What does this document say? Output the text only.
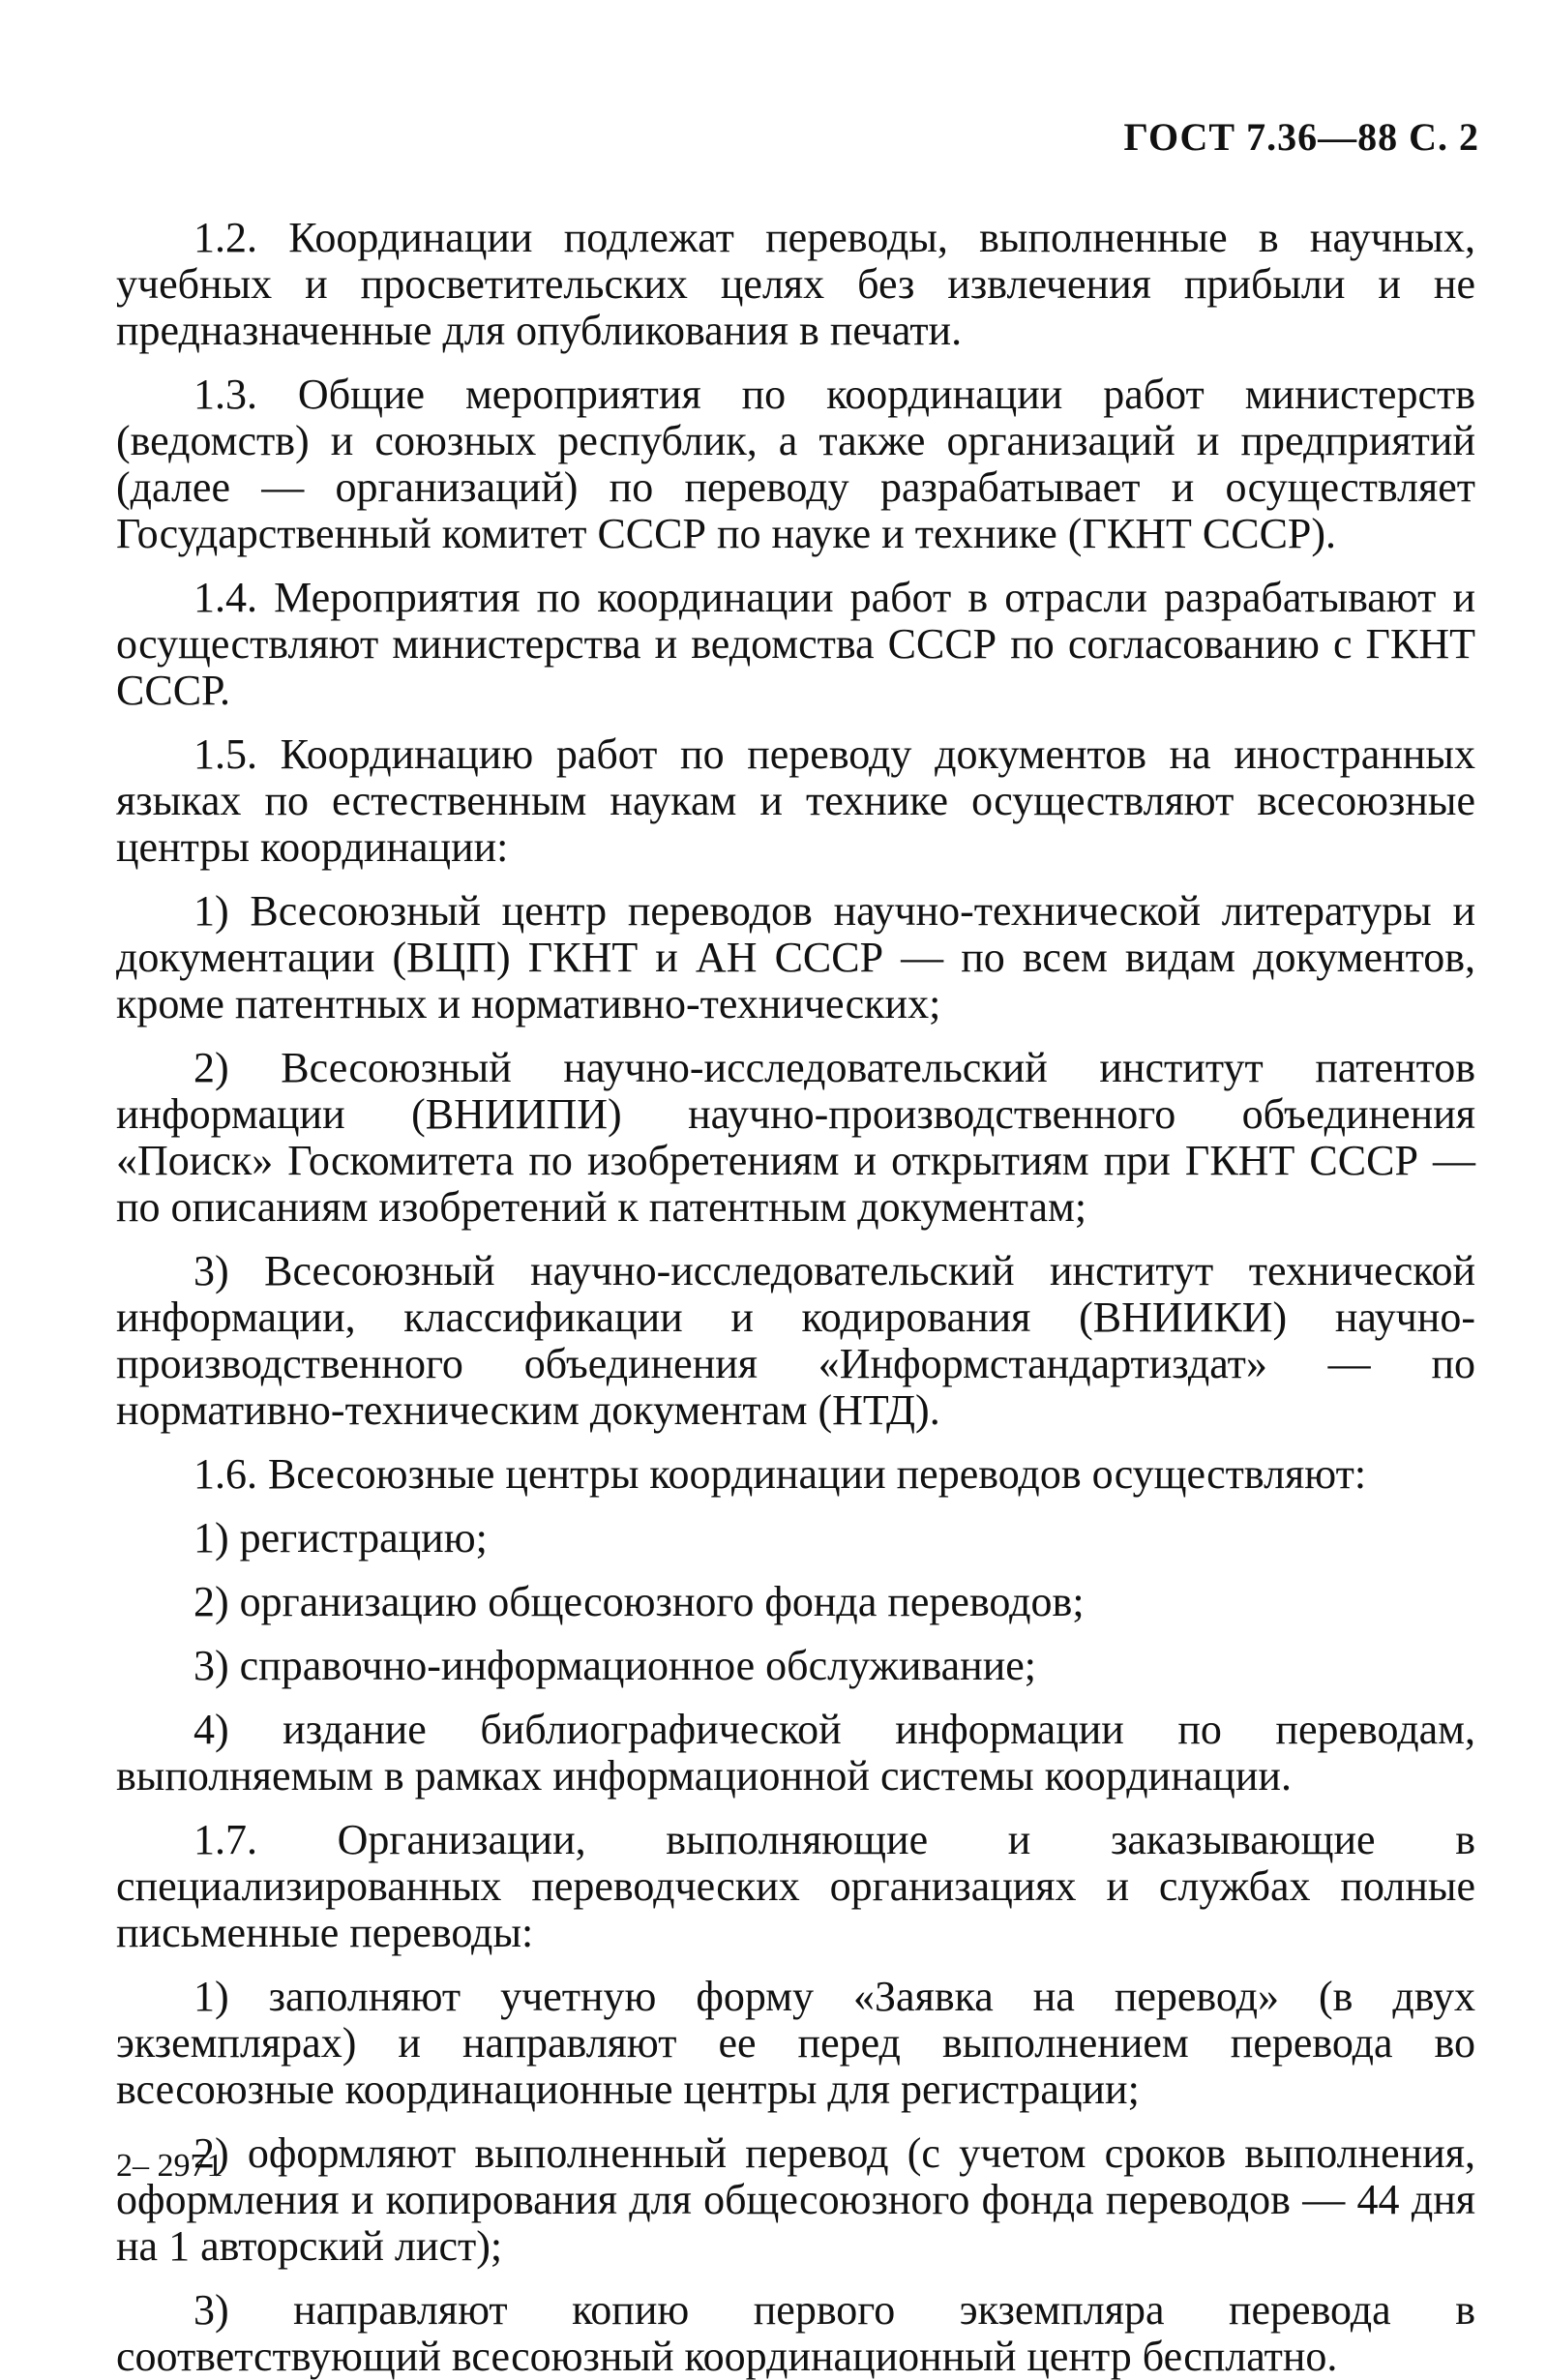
ГОСТ 7.36—88 С. 2

1.2. Координации подлежат переводы, выполненные в научных, учебных и просветительских целях без извлечения прибыли и не предназначенные для опубликования в печати.

1.3. Общие мероприятия по координации работ министерств (ведомств) и союзных республик, а также организаций и предприятий (далее — организаций) по переводу разрабатывает и осуществляет Государственный комитет СССР по науке и технике (ГКНТ СССР).

1.4. Мероприятия по координации работ в отрасли разрабатывают и осуществляют министерства и ведомства СССР по согласованию с ГКНТ СССР.

1.5. Координацию работ по переводу документов на иностранных языках по естественным наукам и технике осуществляют всесоюзные центры координации:

1) Всесоюзный центр переводов научно-технической литературы и документации (ВЦП) ГКНТ и АН СССР — по всем видам документов, кроме патентных и нормативно-технических;

2) Всесоюзный научно-исследовательский институт патентов информации (ВНИИПИ) научно-производственного объединения «Поиск» Госкомитета по изобретениям и открытиям при ГКНТ СССР — по описаниям изобретений к патентным документам;

3) Всесоюзный научно-исследовательский институт технической информации, классификации и кодирования (ВНИИКИ) научно-производственного объединения «Информстандартиздат» — по нормативно-техническим документам (НТД).

1.6. Всесоюзные центры координации переводов осуществляют:

1) регистрацию;

2) организацию общесоюзного фонда переводов;

3) справочно-информационное обслуживание;

4) издание библиографической информации по переводам, выполняемым в рамках информационной системы координации.

1.7. Организации, выполняющие и заказывающие в специализированных переводческих организациях и службах полные письменные переводы:

1) заполняют учетную форму «Заявка на перевод» (в двух экземплярах) и направляют ее перед выполнением перевода во всесоюзные координационные центры для регистрации;

2) оформляют выполненный перевод (с учетом сроков выполнения, оформления и копирования для общесоюзного фонда переводов — 44 дня на 1 авторский лист);

3) направляют копию первого экземпляра перевода в соответствующий всесоюзный координационный центр бесплатно.

2– 2971
